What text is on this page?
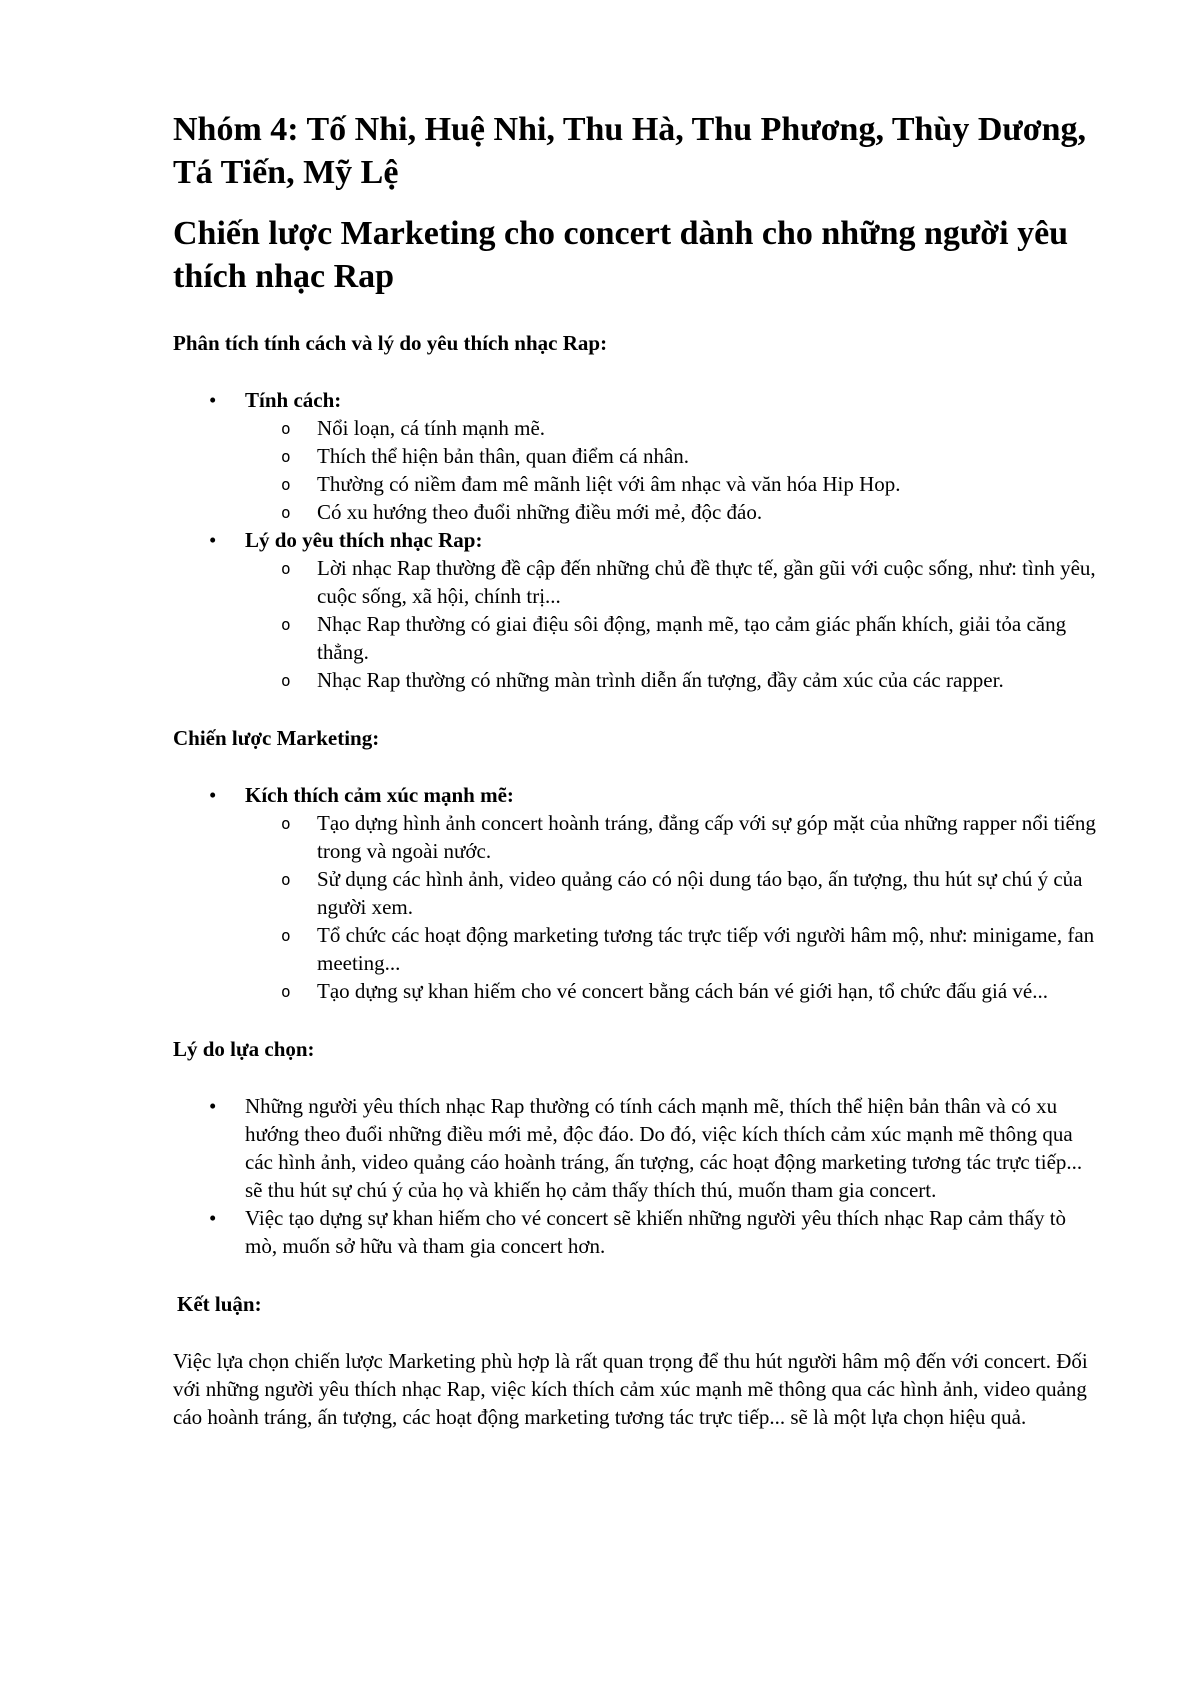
Nhóm 4: Tố Nhi, Huệ Nhi, Thu Hà, Thu Phương, Thùy Dương, Tá Tiến, Mỹ Lệ
Chiến lược Marketing cho concert dành cho những người yêu thích nhạc Rap
Phân tích tính cách và lý do yêu thích nhạc Rap:
• Tính cách:
o Nổi loạn, cá tính mạnh mẽ.
o Thích thể hiện bản thân, quan điểm cá nhân.
o Thường có niềm đam mê mãnh liệt với âm nhạc và văn hóa Hip Hop.
o Có xu hướng theo đuổi những điều mới mẻ, độc đáo.
• Lý do yêu thích nhạc Rap:
o Lời nhạc Rap thường đề cập đến những chủ đề thực tế, gần gũi với cuộc sống, như: tình yêu, cuộc sống, xã hội, chính trị...
o Nhạc Rap thường có giai điệu sôi động, mạnh mẽ, tạo cảm giác phấn khích, giải tỏa căng thẳng.
o Nhạc Rap thường có những màn trình diễn ấn tượng, đầy cảm xúc của các rapper.
Chiến lược Marketing:
• Kích thích cảm xúc mạnh mẽ:
o Tạo dựng hình ảnh concert hoành tráng, đẳng cấp với sự góp mặt của những rapper nổi tiếng trong và ngoài nước.
o Sử dụng các hình ảnh, video quảng cáo có nội dung táo bạo, ấn tượng, thu hút sự chú ý của người xem.
o Tổ chức các hoạt động marketing tương tác trực tiếp với người hâm mộ, như: minigame, fan meeting...
o Tạo dựng sự khan hiếm cho vé concert bằng cách bán vé giới hạn, tổ chức đấu giá vé...
Lý do lựa chọn:
• Những người yêu thích nhạc Rap thường có tính cách mạnh mẽ, thích thể hiện bản thân và có xu hướng theo đuổi những điều mới mẻ, độc đáo. Do đó, việc kích thích cảm xúc mạnh mẽ thông qua các hình ảnh, video quảng cáo hoành tráng, ấn tượng, các hoạt động marketing tương tác trực tiếp... sẽ thu hút sự chú ý của họ và khiến họ cảm thấy thích thú, muốn tham gia concert.
• Việc tạo dựng sự khan hiếm cho vé concert sẽ khiến những người yêu thích nhạc Rap cảm thấy tò mò, muốn sở hữu và tham gia concert hơn.
Kết luận:

Việc lựa chọn chiến lược Marketing phù hợp là rất quan trọng để thu hút người hâm mộ đến với concert. Đối với những người yêu thích nhạc Rap, việc kích thích cảm xúc mạnh mẽ thông qua các hình ảnh, video quảng cáo hoành tráng, ấn tượng, các hoạt động marketing tương tác trực tiếp... sẽ là một lựa chọn hiệu quả.
